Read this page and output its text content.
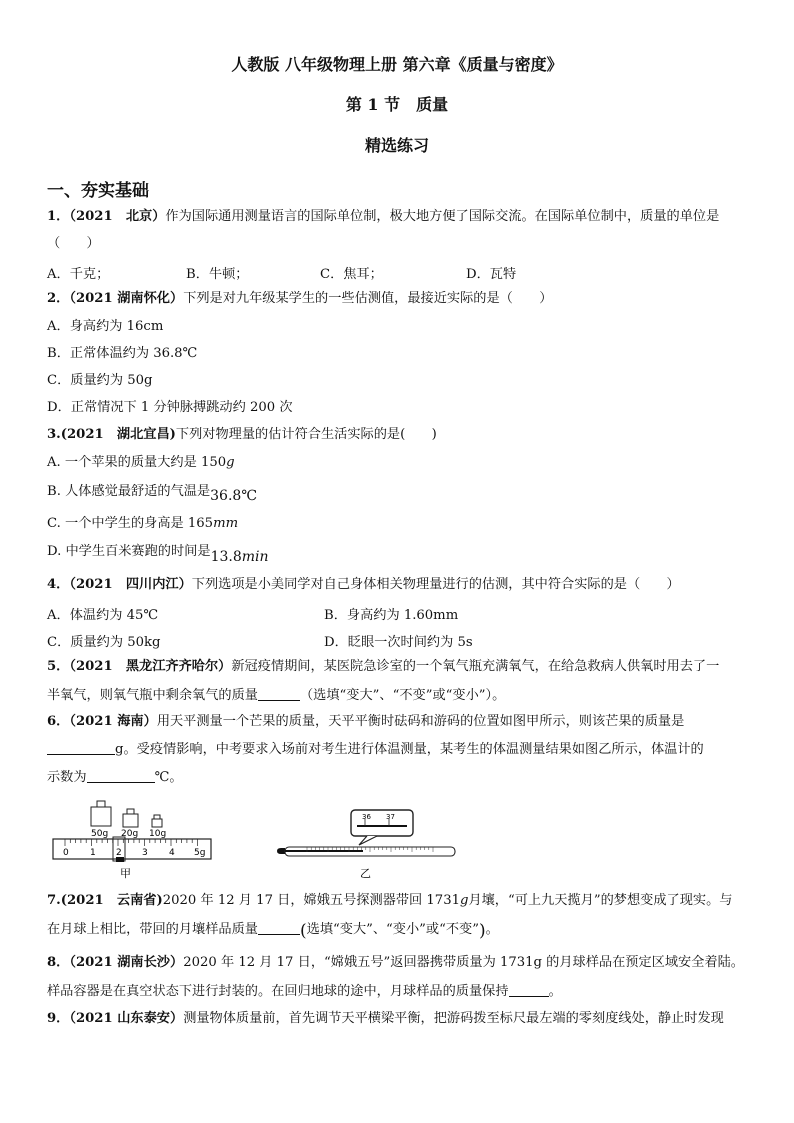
人教版 八年级物理上册 第六章《质量与密度》
第 1 节　质量
精选练习
一、夯实基础
1．（2021　北京）作为国际通用测量语言的国际单位制，极大地方便了国际交流。在国际单位制中，质量的单位是
（　　）
A．千克；	B．牛顿；	C．焦耳；	D．瓦特
2．（2021 湖南怀化）下列是对九年级某学生的一些估测值，最接近实际的是（　　）
A．身高约为 16cm
B．正常体温约为 36.8℃
C．质量约为 50g
D．正常情况下 1 分钟脉搏跳动约 200 次
3.(2021　湖北宜昌)下列对物理量的估计符合生活实际的是(　　)
A. 一个苹果的质量大约是 150g
B. 人体感觉最舒适的气温是36.8℃
C. 一个中学生的身高是 165mm
D. 中学生百米赛跑的时间是13.8min
4．（2021　四川内江）下列选项是小美同学对自己身体相关物理量进行的估测，其中符合实际的是（　　）
A．体温约为 45℃	B．身高约为 1.60mm
C．质量约为 50kg	D．眨眼一次时间约为 5s
5．（2021　黑龙江齐齐哈尔）新冠疫情期间，某医院急诊室的一个氧气瓶充满氧气，在给急救病人供氧时用去了一
半氧气，则氧气瓶中剩余氧气的质量	（选填“变大”、“不变”或“变小”）。
6．（2021 海南）用天平测量一个芒果的质量，天平平衡时砝码和游码的位置如图甲所示，则该芒果的质量是
g。受疫情影响，中考要求入场前对考生进行体温测量，某考生的体温测量结果如图乙所示，体温计的
示数为	℃。
50g 20g 10g
0 1 2 3 4 5g
甲
36 37
乙
7.(2021　云南省)2020 年 12 月 17 日，嫦娥五号探测器带回 1731g月壤，“可上九天揽月”的梦想变成了现实。与
在月球上相比，带回的月壤样品质量 (选填“变大”、“变小”或“不变”)。
8．（2021 湖南长沙）2020 年 12 月 17 日，“嫦娥五号”返回器携带质量为 1731g 的月球样品在预定区域安全着陆。
样品容器是在真空状态下进行封装的。在回归地球的途中，月球样品的质量保持	。
9．（2021 山东泰安）测量物体质量前，首先调节天平横梁平衡，把游码拨至标尺最左端的零刻度线处，静止时发现
